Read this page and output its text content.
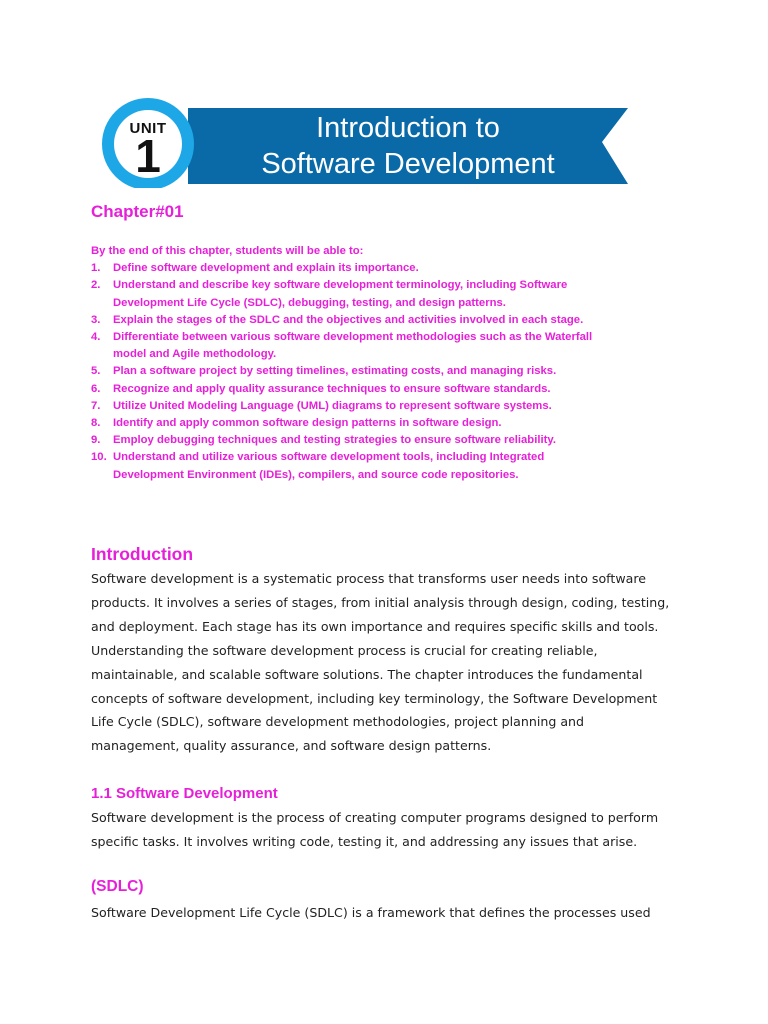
UNIT
1
Introduction to
Software Development
Chapter#01

By the end of this chapter, students will be able to:

1. Define software development and explain its importance.
2. Understand and describe key software development terminology, including Software Development Life Cycle (SDLC), debugging, testing, and design patterns.
3. Explain the stages of the SDLC and the objectives and activities involved in each stage.
4. Differentiate between various software development methodologies such as the Waterfall model and Agile methodology.
5. Plan a software project by setting timelines, estimating costs, and managing risks.
6. Recognize and apply quality assurance techniques to ensure software standards.
7. Utilize United Modeling Language (UML) diagrams to represent software systems.
8. Identify and apply common software design patterns in software design.
9. Employ debugging techniques and testing strategies to ensure software reliability.
10. Understand and utilize various software development tools, including Integrated Development Environment (IDEs), compilers, and source code repositories.
Introduction

Software development is a systematic process that transforms user needs into software products. It involves a series of stages, from initial analysis through design, coding, testing, and deployment. Each stage has its own importance and requires specific skills and tools. Understanding the software development process is crucial for creating reliable, maintainable, and scalable software solutions. The chapter introduces the fundamental concepts of software development, including key terminology, the Software Development Life Cycle (SDLC), software development methodologies, project planning and management, quality assurance, and software design patterns.

1.1 Software Development

Software development is the process of creating computer programs designed to perform specific tasks. It involves writing code, testing it, and addressing any issues that arise.

(SDLC)

Software Development Life Cycle (SDLC) is a framework that defines the processes used
